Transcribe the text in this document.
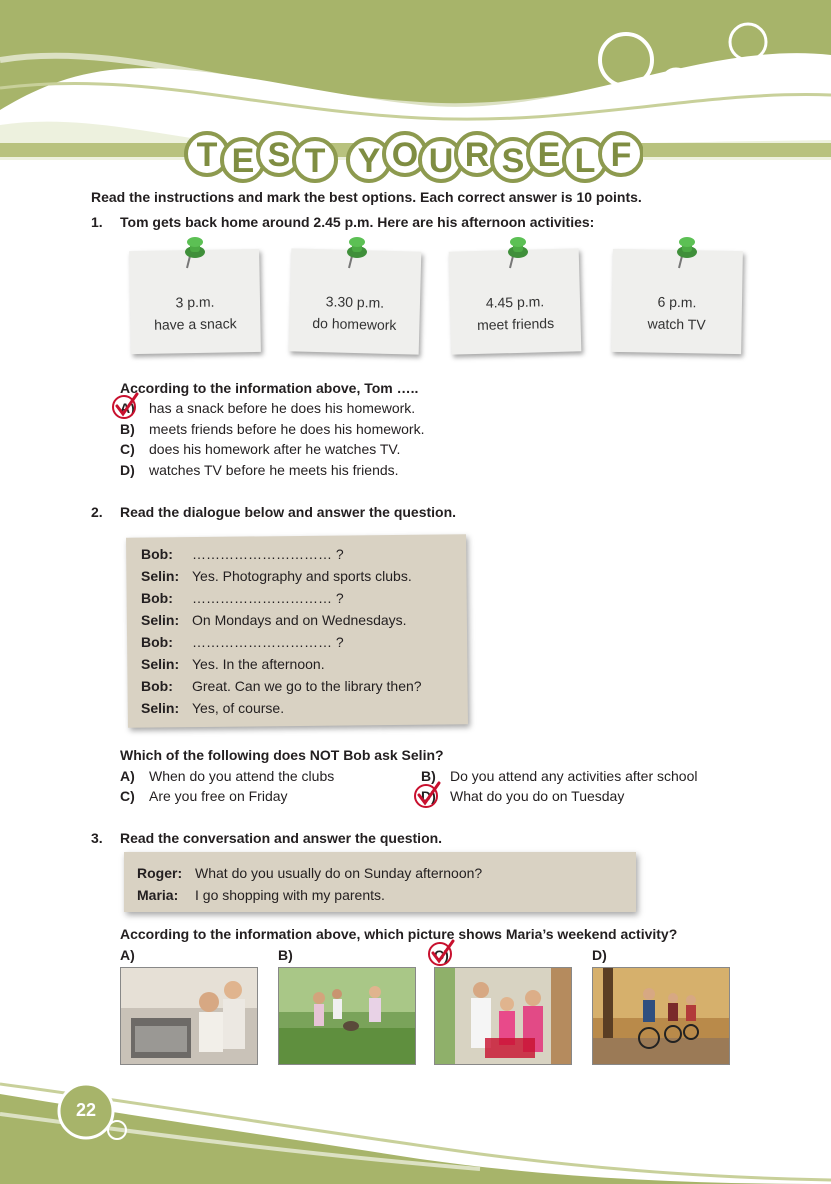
T E S T Y O U R S E L F
Read the instructions and mark the best options. Each correct answer is 10 points.
1. Tom gets back home around 2.45 p.m. Here are his afternoon activities:
3 p.m.
have a snack
3.30 p.m.
do homework
4.45 p.m.
meet friends
6 p.m.
watch TV
According to the information above, Tom …..
A) has a snack before he does his homework.
B) meets friends before he does his homework.
C) does his homework after he watches TV.
D) watches TV before he meets his friends.
2. Read the dialogue below and answer the question.
Bob: ………………………… ?
Selin: Yes. Photography and sports clubs.
Bob: ………………………… ?
Selin: On Mondays and on Wednesdays.
Bob: ………………………… ?
Selin: Yes. In the afternoon.
Bob: Great. Can we go to the library then?
Selin: Yes, of course.
Which of the following does NOT Bob ask Selin?
A) When do you attend the clubs	B) Do you attend any activities after school
C) Are you free on Friday	D) What do you do on Tuesday
3. Read the conversation and answer the question.
Roger: What do you usually do on Sunday afternoon?
Maria: I go shopping with my parents.
According to the information above, which picture shows Maria’s weekend activity?
A)	B)	C)	D)
22
